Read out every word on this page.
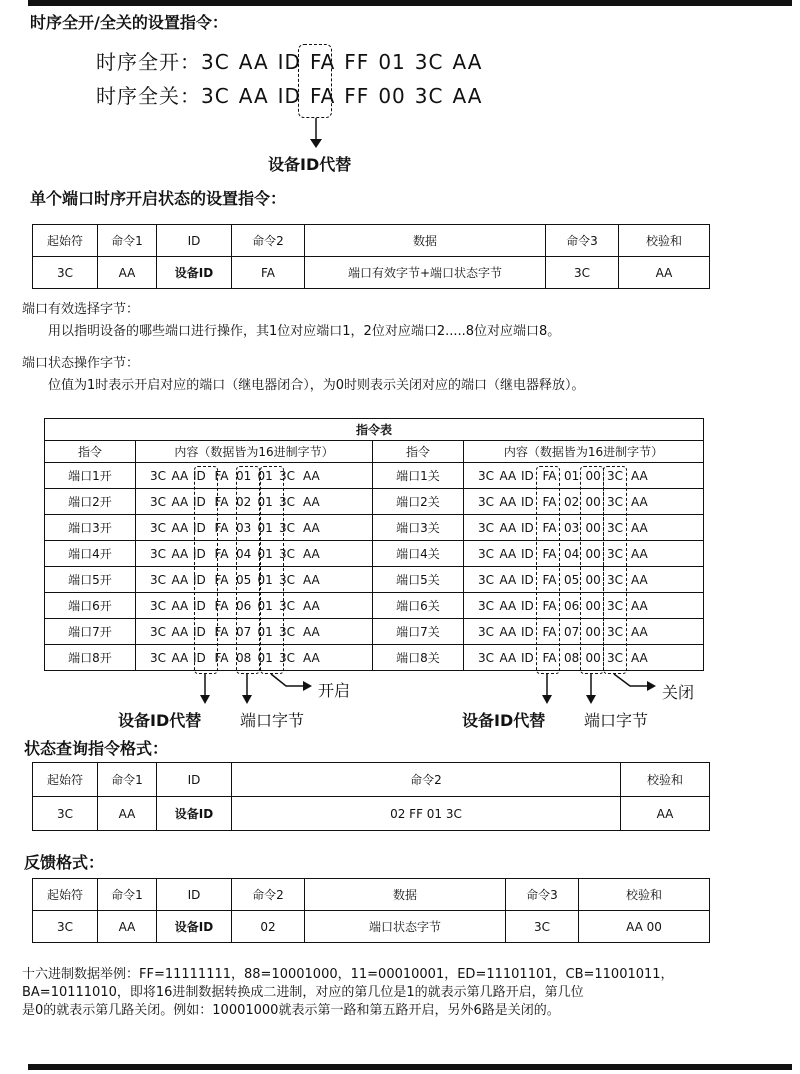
时序全开/全关的设置指令：
时序全开：3C AA ID FA FF 01 3C AA
时序全关：3C AA ID FA FF 00 3C AA
设备ID代替
单个端口时序开启状态的设置指令：
起始符	命令1	ID	命令2	数据	命令3	校验和
3C	AA	设备ID	FA	端口有效字节+端口状态字节	3C	AA
端口有效选择字节：
用以指明设备的哪些端口进行操作，其1位对应端口1，2位对应端口2.....8位对应端口8。
端口状态操作字节：
位值为1时表示开启对应的端口（继电器闭合），为0时则表示关闭对应的端口（继电器释放）。
指令表			
指令	内容（数据皆为16进制字节）	指令	内容（数据皆为16进制字节）
端口1开	3C AA ID FA 01 01 3C AA	端口1关	3C AA ID FA 01 00 3C AA
端口2开	3C AA ID FA 02 01 3C AA	端口2关	3C AA ID FA 02 00 3C AA
端口3开	3C AA ID FA 03 01 3C AA	端口3关	3C AA ID FA 03 00 3C AA
端口4开	3C AA ID FA 04 01 3C AA	端口4关	3C AA ID FA 04 00 3C AA
端口5开	3C AA ID FA 05 01 3C AA	端口5关	3C AA ID FA 05 00 3C AA
端口6开	3C AA ID FA 06 01 3C AA	端口6关	3C AA ID FA 06 00 3C AA
端口7开	3C AA ID FA 07 01 3C AA	端口7关	3C AA ID FA 07 00 3C AA
端口8开	3C AA ID FA 08 01 3C AA	端口8关	3C AA ID FA 08 00 3C AA
开启	关闭
设备ID代替 端口字节	设备ID代替 端口字节
状态查询指令格式：
起始符	命令1	ID	命令2	校验和
3C	AA	设备ID	02 FF 01 3C	AA
反馈格式：
起始符	命令1	ID	命令2	数据	命令3	校验和
3C	AA	设备ID	02	端口状态字节	3C	AA 00
十六进制数据举例：FF=11111111，88=10001000，11=00010001，ED=11101101，CB=11001011，
BA=10111010，即将16进制数据转换成二进制，对应的第几位是1的就表示第几路开启，第几位
是0的就表示第几路关闭。例如：10001000就表示第一路和第五路开启，另外6路是关闭的。
